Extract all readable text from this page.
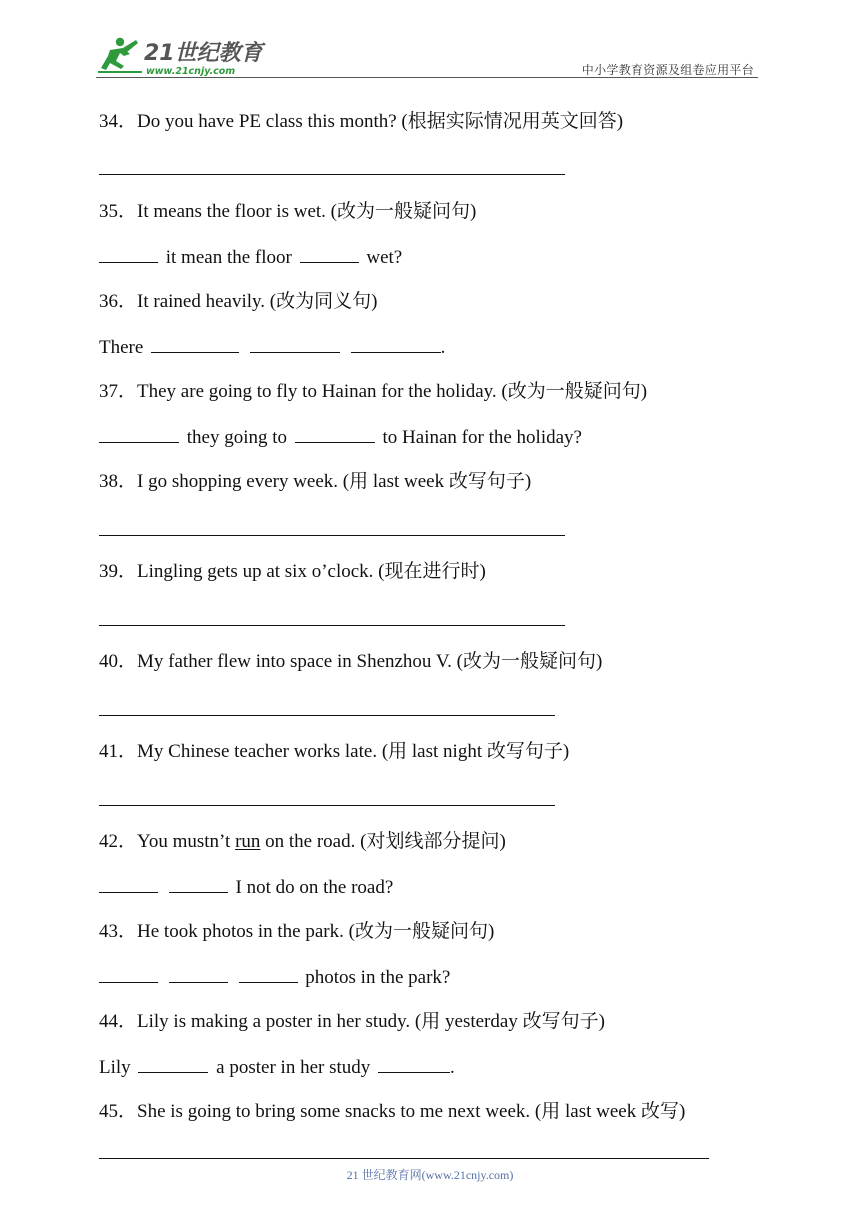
21世纪教育
www.21cnjy.com	中小学教育资源及组卷应用平台
34．Do you have PE class this month? (根据实际情况用英文回答)
35．It means the floor is wet. (改为一般疑问句)
it mean the floor	wet?
36．It rained heavily. (改为同义句)
There	.
37．They are going to fly to Hainan for the holiday. (改为一般疑问句)
they going to	to Hainan for the holiday?
38．I go shopping every week. (用 last week 改写句子)
39．Lingling gets up at six o’clock. (现在进行时)
40．My father flew into space in Shenzhou V. (改为一般疑问句)
41．My Chinese teacher works late. (用 last night 改写句子)
42．You mustn’t run on the road. (对划线部分提问)
I not do on the road?
43．He took photos in the park. (改为一般疑问句)
photos in the park?
44．Lily is making a poster in her study. (用 yesterday 改写句子)
Lily	a poster in her study	.
45．She is going to bring some snacks to me next week. (用 last week 改写)
21 世纪教育网(www.21cnjy.com)
